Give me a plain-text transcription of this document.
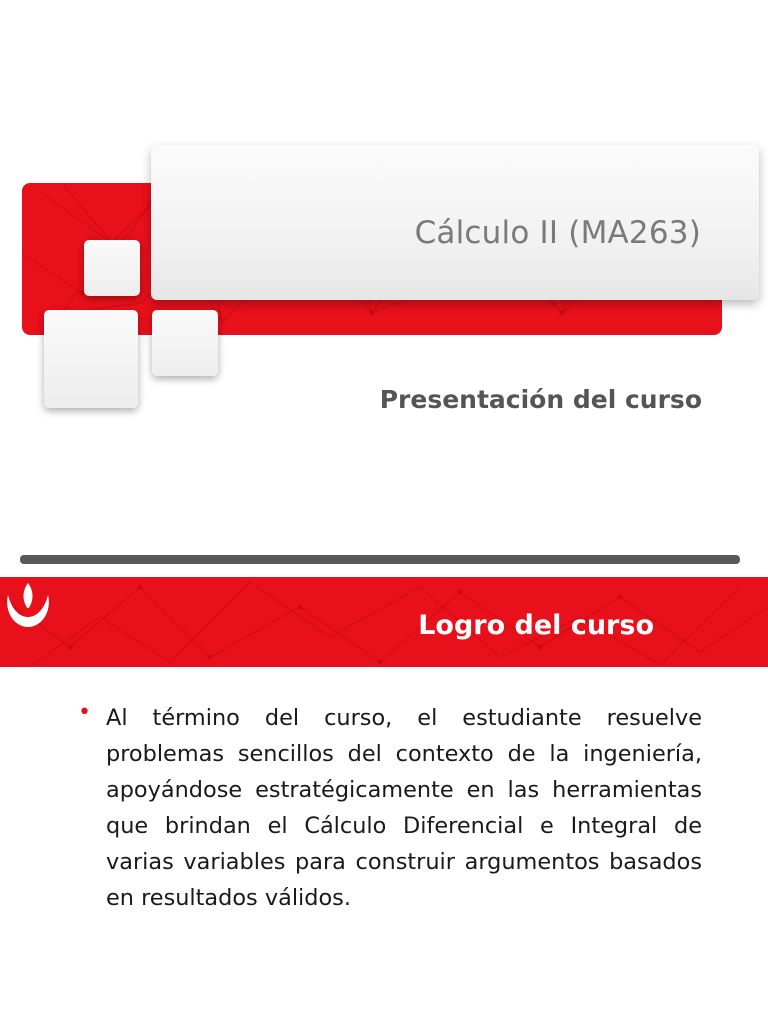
Cálculo II (MA263)
Presentación del curso
Logro del curso
• Al término del curso, el estudiante resuelve problemas sencillos del contexto de la ingeniería, apoyándose estratégicamente en las herramientas que brindan el Cálculo Diferencial e Integral de varias variables para construir argumentos basados en resultados válidos.
